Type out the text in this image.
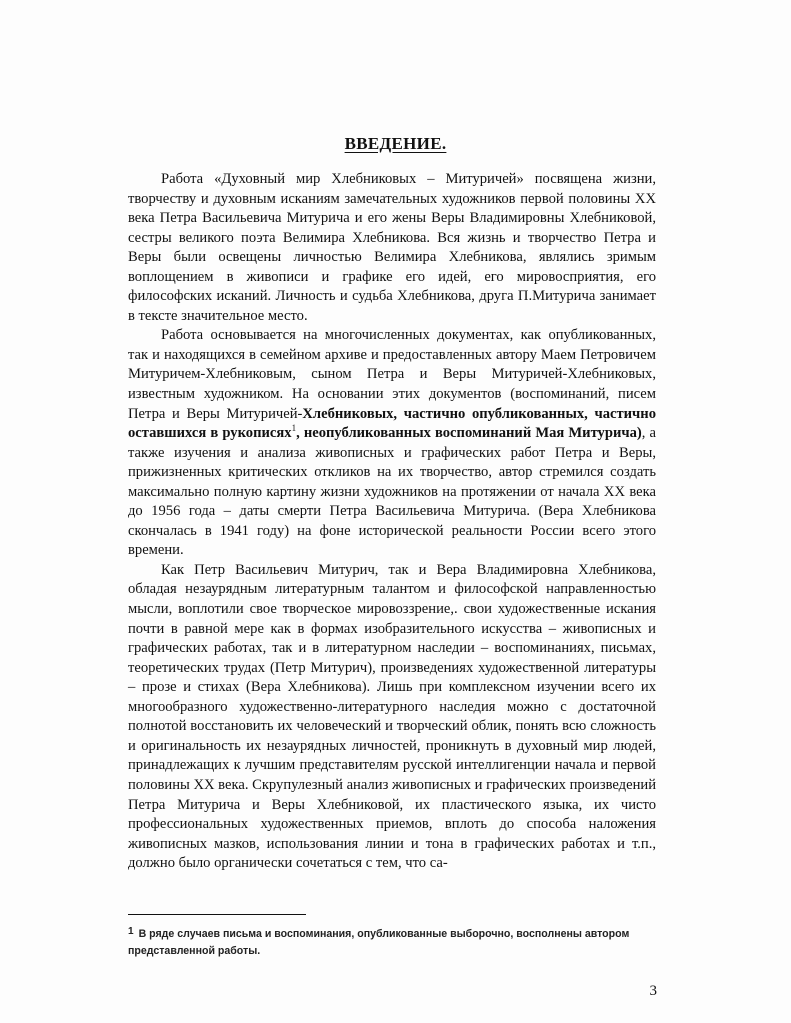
ВВЕДЕНИЕ.

Работа «Духовный мир Хлебниковых – Митуричей» посвящена жизни, творчеству и духовным исканиям замечательных художников первой половины XX века Петра Васильевича Митурича и его жены Веры Владимировны Хлебниковой, сестры великого поэта Велимира Хлебникова. Вся жизнь и творчество Петра и Веры были освещены личностью Велимира Хлебникова, являлись зримым воплощением в живописи и графике его идей, его мировосприятия, его философских исканий. Личность и судьба Хлебникова, друга П.Митурича занимает в тексте значительное место.

Работа основывается на многочисленных документах, как опубликованных, так и находящихся в семейном архиве и предоставленных автору Маем Петровичем Митуричем-Хлебниковым, сыном Петра и Веры Митуричей-Хлебниковых, известным художником. На основании этих документов (воспоминаний, писем Петра и Веры Митуричей-Хлебниковых, частично опубликованных, частично оставшихся в рукописях$^1$, неопубликованных воспоминаний Мая Митурича), а также изучения и анализа живописных и графических работ Петра и Веры, прижизненных критических откликов на их творчество, автор стремился создать максимально полную картину жизни художников на протяжении от начала XX века до 1956 года – даты смерти Петра Васильевича Митурича. (Вера Хлебникова скончалась в 1941 году) на фоне исторической реальности России всего этого времени.

Как Петр Васильевич Митурич, так и Вера Владимировна Хлебникова, обладая незаурядным литературным талантом и философской направленностью мысли, воплотили свое творческое мировоззрение,. свои художественные искания почти в равной мере как в формах изобразительного искусства – живописных и графических работах, так и в литературном наследии – воспоминаниях, письмах, теоретических трудах (Петр Митурич), произведениях художественной литературы – прозе и стихах (Вера Хлебникова). Лишь при комплексном изучении всего их многообразного художественно-литературного наследия можно с достаточной полнотой восстановить их человеческий и творческий облик, понять всю сложность и оригинальность их незаурядных личностей, проникнуть в духовный мир людей, принадлежащих к лучшим представителям русской интеллигенции начала и первой половины XX века. Скрупулезный анализ живописных и графических произведений Петра Митурича и Веры Хлебниковой, их пластического языка, их чисто профессиональных художественных приемов, вплоть до способа наложения живописных мазков, использования линии и тона в графических работах и т.п., должно было органически сочетаться с тем, что са-

$^1$ В ряде случаев письма и воспоминания, опубликованные выборочно, восполнены автором представленной работы.
3
